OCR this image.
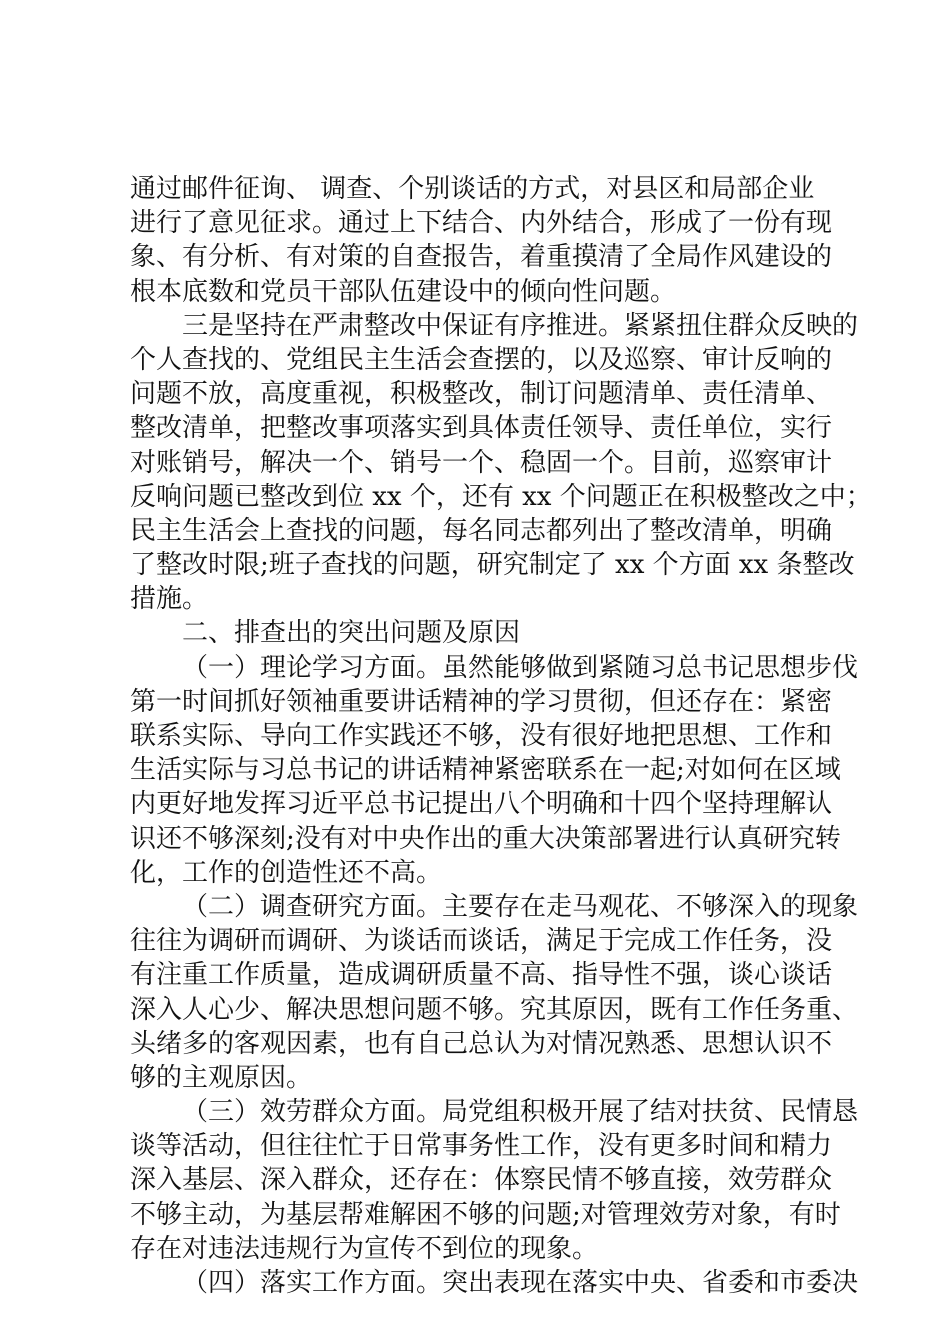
通过邮件征询、 调查、个别谈话的方式，对县区和局部企业
进行了意见征求。通过上下结合、内外结合，形成了一份有现
象、有分析、有对策的自查报告，着重摸清了全局作风建设的
根本底数和党员干部队伍建设中的倾向性问题。
三是坚持在严肃整改中保证有序推进。紧紧扭住群众反映的
个人查找的、党组民主生活会查摆的，以及巡察、审计反响的
问题不放，高度重视，积极整改，制订问题清单、责任清单、
整改清单，把整改事项落实到具体责任领导、责任单位，实行
对账销号，解决一个、销号一个、稳固一个。目前，巡察审计
反响问题已整改到位 xx 个，还有 xx 个问题正在积极整改之中；
民主生活会上查找的问题，每名同志都列出了整改清单，明确
了整改时限;班子查找的问题，研究制定了 xx 个方面 xx 条整改
措施。
二、排查出的突出问题及原因
（一）理论学习方面。虽然能够做到紧随习总书记思想步伐
第一时间抓好领袖重要讲话精神的学习贯彻，但还存在：紧密
联系实际、导向工作实践还不够，没有很好地把思想、工作和
生活实际与习总书记的讲话精神紧密联系在一起;对如何在区域
内更好地发挥习近平总书记提出八个明确和十四个坚持理解认
识还不够深刻;没有对中央作出的重大决策部署进行认真研究转
化，工作的创造性还不高。
（二）调查研究方面。主要存在走马观花、不够深入的现象
往往为调研而调研、为谈话而谈话，满足于完成工作任务，没
有注重工作质量，造成调研质量不高、指导性不强，谈心谈话
深入人心少、解决思想问题不够。究其原因，既有工作任务重、
头绪多的客观因素，也有自己总认为对情况熟悉、思想认识不
够的主观原因。
（三）效劳群众方面。局党组积极开展了结对扶贫、民情恳
谈等活动，但往往忙于日常事务性工作，没有更多时间和精力
深入基层、深入群众，还存在：体察民情不够直接，效劳群众
不够主动，为基层帮难解困不够的问题;对管理效劳对象，有时
存在对违法违规行为宣传不到位的现象。
（四）落实工作方面。突出表现在落实中央、省委和市委决
